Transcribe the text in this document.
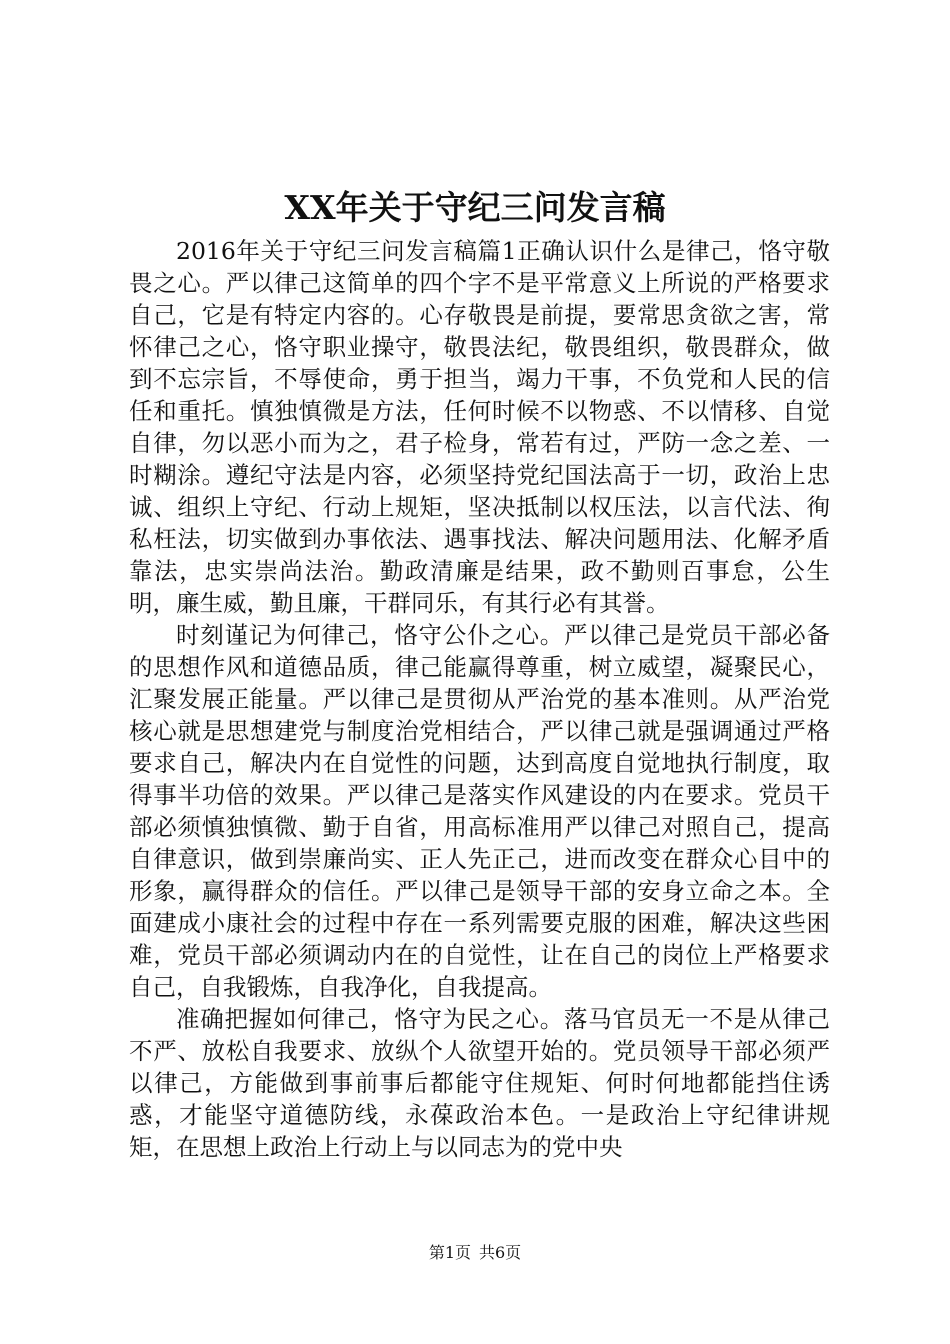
XX年关于守纪三问发言稿

2016年关于守纪三问发言稿篇1正确认识什么是律己，恪守敬畏之心。严以律己这简单的四个字不是平常意义上所说的严格要求自己，它是有特定内容的。心存敬畏是前提，要常思贪欲之害，常怀律己之心，恪守职业操守，敬畏法纪，敬畏组织，敬畏群众，做到不忘宗旨，不辱使命，勇于担当，竭力干事，不负党和人民的信任和重托。慎独慎微是方法，任何时候不以物惑、不以情移、自觉自律，勿以恶小而为之，君子检身，常若有过，严防一念之差、一时糊涂。遵纪守法是内容，必须坚持党纪国法高于一切，政治上忠诚、组织上守纪、行动上规矩，坚决抵制以权压法，以言代法、徇私枉法，切实做到办事依法、遇事找法、解决问题用法、化解矛盾靠法，忠实崇尚法治。勤政清廉是结果，政不勤则百事怠，公生明，廉生威，勤且廉，干群同乐，有其行必有其誉。

时刻谨记为何律己，恪守公仆之心。严以律己是党员干部必备的思想作风和道德品质，律己能赢得尊重，树立威望，凝聚民心，汇聚发展正能量。严以律己是贯彻从严治党的基本准则。从严治党核心就是思想建党与制度治党相结合，严以律己就是强调通过严格要求自己，解决内在自觉性的问题，达到高度自觉地执行制度，取得事半功倍的效果。严以律己是落实作风建设的内在要求。党员干部必须慎独慎微、勤于自省，用高标准用严以律己对照自己，提高自律意识，做到崇廉尚实、正人先正己，进而改变在群众心目中的形象，赢得群众的信任。严以律己是领导干部的安身立命之本。全面建成小康社会的过程中存在一系列需要克服的困难，解决这些困难，党员干部必须调动内在的自觉性，让在自己的岗位上严格要求自己，自我锻炼，自我净化，自我提高。

准确把握如何律己，恪守为民之心。落马官员无一不是从律己不严、放松自我要求、放纵个人欲望开始的。党员领导干部必须严以律己，方能做到事前事后都能守住规矩、何时何地都能挡住诱惑，才能坚守道德防线，永葆政治本色。一是政治上守纪律讲规矩，在思想上政治上行动上与以同志为的党中央

第1页 共6页
